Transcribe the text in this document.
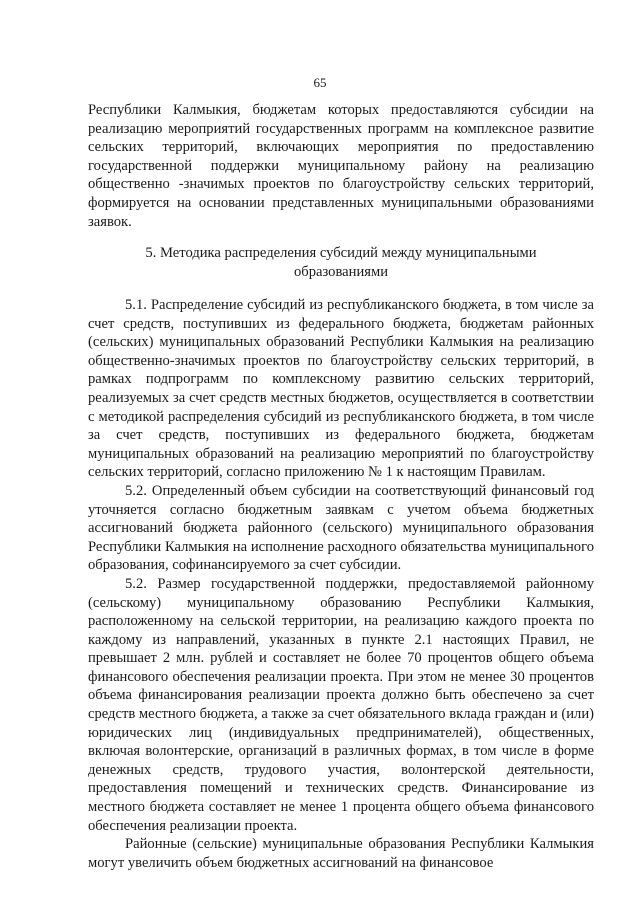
65

Республики Калмыкия, бюджетам которых предоставляются субсидии на реализацию мероприятий государственных программ на комплексное развитие сельских территорий, включающих мероприятия по предоставлению государственной поддержки муниципальному району на реализацию общественно -значимых проектов по благоустройству сельских территорий, формируется на основании представленных муниципальными образованиями заявок.

5. Методика распределения субсидий между муниципальными
образованиями

5.1. Распределение субсидий из республиканского бюджета, в том числе за счет средств, поступивших из федерального бюджета, бюджетам районных (сельских) муниципальных образований Республики Калмыкия на реализацию общественно-значимых проектов по благоустройству сельских территорий, в рамках подпрограмм по комплексному развитию сельских территорий, реализуемых за счет средств местных бюджетов, осуществляется в соответствии с методикой распределения субсидий из республиканского бюджета, в том числе за счет средств, поступивших из федерального бюджета, бюджетам муниципальных образований на реализацию мероприятий по благоустройству сельских территорий, согласно приложению № 1 к настоящим Правилам.

5.2. Определенный объем субсидии на соответствующий финансовый год уточняется согласно бюджетным заявкам с учетом объема бюджетных ассигнований бюджета районного (сельского) муниципального образования Республики Калмыкия на исполнение расходного обязательства муниципального образования, софинансируемого за счет субсидии.

5.2. Размер государственной поддержки, предоставляемой районному (сельскому) муниципальному образованию Республики Калмыкия, расположенному на сельской территории, на реализацию каждого проекта по каждому из направлений, указанных в пункте 2.1 настоящих Правил, не превышает 2 млн. рублей и составляет не более 70 процентов общего объема финансового обеспечения реализации проекта. При этом не менее 30 процентов объема финансирования реализации проекта должно быть обеспечено за счет средств местного бюджета, а также за счет обязательного вклада граждан и (или) юридических лиц (индивидуальных предпринимателей), общественных, включая волонтерские, организаций в различных формах, в том числе в форме денежных средств, трудового участия, волонтерской деятельности, предоставления помещений и технических средств. Финансирование из местного бюджета составляет не менее 1 процента общего объема финансового обеспечения реализации проекта.

Районные (сельские) муниципальные образования Республики Калмыкия могут увеличить объем бюджетных ассигнований на финансовое
